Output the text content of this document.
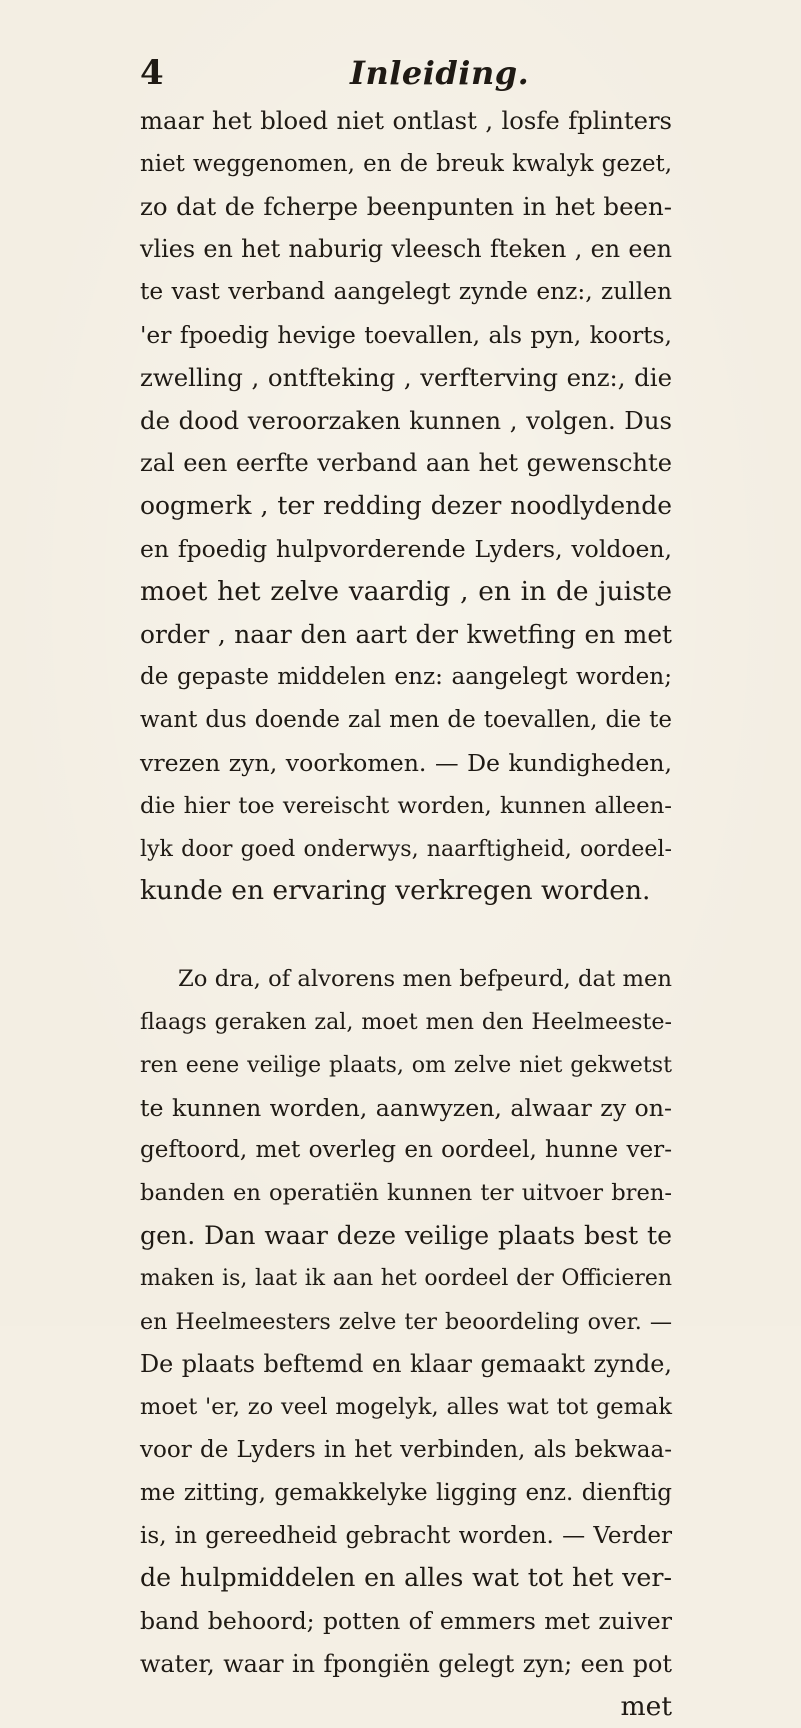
4	Inleiding.
maar het bloed niet ontlast , losfe fplinters
niet weggenomen, en de breuk kwalyk gezet,
zo dat de fcherpe beenpunten in het been-
vlies en het naburig vleesch fteken , en een
te vast verband aangelegt zynde enz:, zullen
'er fpoedig hevige toevallen, als pyn, koorts,
zwelling , ontfteking , verfterving enz:, die
de dood veroorzaken kunnen , volgen. Dus
zal een eerfte verband aan het gewenschte
oogmerk , ter redding dezer noodlydende
en fpoedig hulpvorderende Lyders, voldoen,
moet het zelve vaardig , en in de juiste
order , naar den aart der kwetfing en met
de gepaste middelen enz: aangelegt worden;
want dus doende zal men de toevallen, die te
vrezen zyn, voorkomen. — De kundigheden,
die hier toe vereischt worden, kunnen alleen-
lyk door goed onderwys, naarftigheid, oordeel-
kunde en ervaring verkregen worden.
Zo dra, of alvorens men befpeurd, dat men
flaags geraken zal, moet men den Heelmeeste-
ren eene veilige plaats, om zelve niet gekwetst
te kunnen worden, aanwyzen, alwaar zy on-
geftoord, met overleg en oordeel, hunne ver-
banden en operatiën kunnen ter uitvoer bren-
gen. Dan waar deze veilige plaats best te
maken is, laat ik aan het oordeel der Officieren
en Heelmeesters zelve ter beoordeling over. —
De plaats beftemd en klaar gemaakt zynde,
moet 'er, zo veel mogelyk, alles wat tot gemak
voor de Lyders in het verbinden, als bekwaa-
me zitting, gemakkelyke ligging enz. dienftig
is, in gereedheid gebracht worden. — Verder
de hulpmiddelen en alles wat tot het ver-
band behoord; potten of emmers met zuiver
water, waar in fpongiën gelegt zyn; een pot
met
